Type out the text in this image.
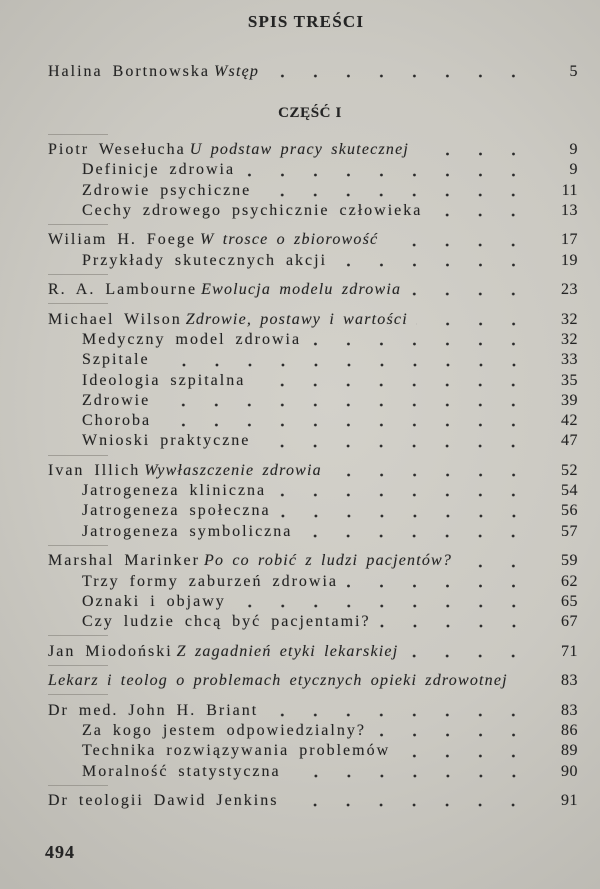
SPIS TREŚCI
Halina Bortnowska Wstęp	5
CZĘŚĆ I
Piotr Wesełucha U podstaw pracy skutecznej	9
Definicje zdrowia	9
Zdrowie psychiczne	11
Cechy zdrowego psychicznie człowieka	13
Wiliam H. Foege W trosce o zbiorowość	17
Przykłady skutecznych akcji	19
R. A. Lambourne Ewolucja modelu zdrowia	23
Michael Wilson Zdrowie, postawy i wartości	32
Medyczny model zdrowia	32
Szpitale	33
Ideologia szpitalna	35
Zdrowie	39
Choroba	42
Wnioski praktyczne	47
Ivan Illich Wywłaszczenie zdrowia	52
Jatrogeneza kliniczna	54
Jatrogeneza społeczna	56
Jatrogeneza symboliczna	57
Marshal Marinker Po co robić z ludzi pacjentów?	59
Trzy formy zaburzeń zdrowia	62
Oznaki i objawy	65
Czy ludzie chcą być pacjentami?	67
Jan Miodoński Z zagadnień etyki lekarskiej	71
Lekarz i teolog o problemach etycznych opieki zdrowotnej	83
Dr med. John H. Briant	83
Za kogo jestem odpowiedzialny?	86
Technika rozwiązywania problemów	89
Moralność statystyczna	90
Dr teologii Dawid Jenkins	91
494
